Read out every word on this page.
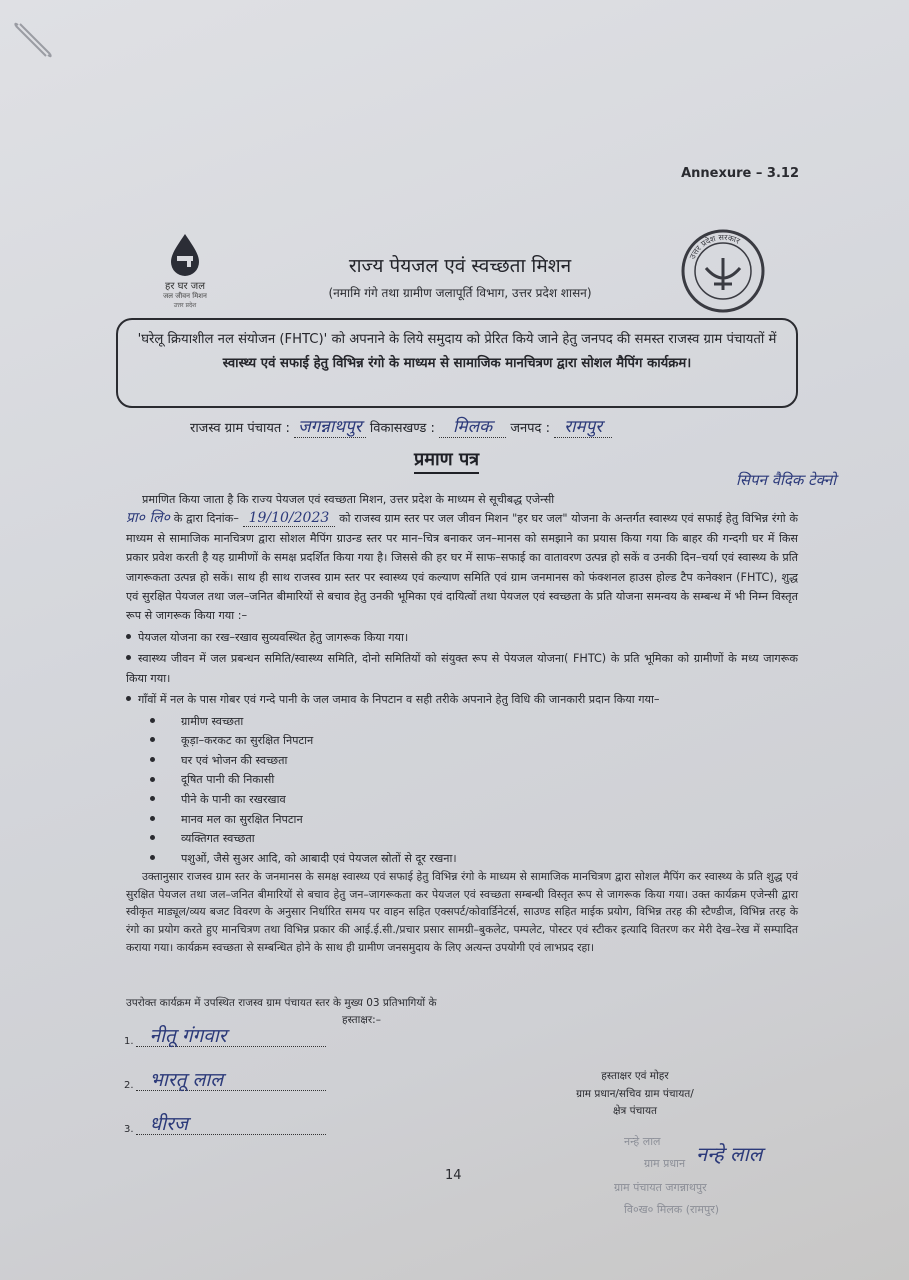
Annexure – 3.12
हर घर जल
जल जीवन मिशन
उत्तर प्रदेश
उत्तर प्रदेश सरकार
राज्य पेयजल एवं स्वच्छता मिशन
(नमामि गंगे तथा ग्रामीण जलापूर्ति विभाग, उत्तर प्रदेश शासन)
'घरेलू क्रियाशील नल संयोजन (FHTC)' को अपनाने के लिये समुदाय को प्रेरित किये जाने हेतु जनपद की समस्त राजस्व ग्राम पंचायतों में स्वास्थ्य एवं सफाई हेतु विभिन्न रंगो के माध्यम से सामाजिक मानचित्रण द्वारा सोशल मैपिंग कार्यक्रम।
राजस्व ग्राम पंचायत : जगन्नाथपुर विकासखण्ड : मिलक जनपद : रामपुर
प्रमाण पत्र
सिपन वैदिक टेक्नो

प्रमाणित किया जाता है कि राज्य पेयजल एवं स्वच्छता मिशन, उत्तर प्रदेश के माध्यम से सूचीबद्ध एजेन्सी

प्रा० लि० के द्वारा दिनांक– 19/10/2023 को राजस्व ग्राम स्तर पर जल जीवन मिशन "हर घर जल" योजना के अन्तर्गत स्वास्थ्य एवं सफाई हेतु विभिन्न रंगो के माध्यम से सामाजिक मानचित्रण द्वारा सोशल मैपिंग ग्राउन्ड स्तर पर मान–चित्र बनाकर जन–मानस को समझाने का प्रयास किया गया कि बाहर की गन्दगी घर में किस प्रकार प्रवेश करती है यह ग्रामीणों के समक्ष प्रदर्शित किया गया है। जिससे की हर घर में साफ–सफाई का वातावरण उत्पन्न हो सकें व उनकी दिन–चर्या एवं स्वास्थ्य के प्रति जागरूकता उत्पन्न हो सकें। साथ ही साथ राजस्व ग्राम स्तर पर स्वास्थ्य एवं कल्याण समिति एवं ग्राम जनमानस को फंक्शनल हाउस होल्ड टैप कनेक्शन (FHTC), शुद्ध एवं सुरक्षित पेयजल तथा जल–जनित बीमारियों से बचाव हेतु उनकी भूमिका एवं दायित्वों तथा पेयजल एवं स्वच्छता के प्रति योजना समन्वय के सम्बन्ध में भी निम्न विस्तृत रूप से जागरूक किया गया :–

पेयजल योजना का रख–रखाव सुव्यवस्थित हेतु जागरूक किया गया।

स्वास्थ्य जीवन में जल प्रबन्धन समिति/स्वास्थ्य समिति, दोनो समितियों को संयुक्त रूप से पेयजल योजना( FHTC) के प्रति भूमिका को ग्रामीणों के मध्य जागरूक किया गया।

गाँवों में नल के पास गोबर एवं गन्दे पानी के जल जमाव के निपटान व सही तरीके अपनाने हेतु विधि की जानकारी प्रदान किया गया–

ग्रामीण स्वच्छता
कूड़ा–करकट का सुरक्षित निपटान
घर एवं भोजन की स्वच्छता
दूषित पानी की निकासी
पीने के पानी का रखरखाव
मानव मल का सुरक्षित निपटान
व्यक्तिगत स्वच्छता
पशुओं, जैसे सुअर आदि, को आबादी एवं पेयजल स्रोतों से दूर रखना।

उक्तानुसार राजस्व ग्राम स्तर के जनमानस के समक्ष स्वास्थ्य एवं सफाई हेतु विभिन्न रंगो के माध्यम से सामाजिक मानचित्रण द्वारा सोशल मैपिंग कर स्वास्थ्य के प्रति शुद्ध एवं सुरक्षित पेयजल तथा जल–जनित बीमारियों से बचाव हेतु जन–जागरूकता कर पेयजल एवं स्वच्छता सम्बन्धी विस्तृत रूप से जागरूक किया गया। उक्त कार्यक्रम एजेन्सी द्वारा स्वीकृत माड्यूल/व्यय बजट विवरण के अनुसार निर्धारित समय पर वाहन सहित एक्सपर्ट/कोवार्डिनेटर्स, साउण्ड सहित माईक प्रयोग, विभिन्न तरह की स्टैण्डीज, विभिन्न तरह के रंगो का प्रयोग करते हुए मानचित्रण तथा विभिन्न प्रकार की आई.ई.सी./प्रचार प्रसार सामग्री–बुकलेट, पम्पलेट, पोस्टर एवं स्टीकर इत्यादि वितरण कर मेरी देख–रेख में सम्पादित कराया गया। कार्यक्रम स्वच्छता से सम्बन्धित होने के साथ ही ग्रामीण जनसमुदाय के लिए अत्यन्त उपयोगी एवं लाभप्रद रहा।

उपरोक्त कार्यक्रम में उपस्थित राजस्व ग्राम पंचायत स्तर के मुख्य 03 प्रतिभागियों के
हस्ताक्षर:–
1. नीतू गंगवार
2. भारतू लाल
3. धीरज
हस्ताक्षर एवं मोहर
ग्राम प्रधान/सचिव ग्राम पंचायत/
क्षेत्र पंचायत
14
नन्हे लाल
ग्राम प्रधान
ग्राम पंचायत जगन्नाथपुर
वि०ख० मिलक (रामपुर)
नन्हे लाल
